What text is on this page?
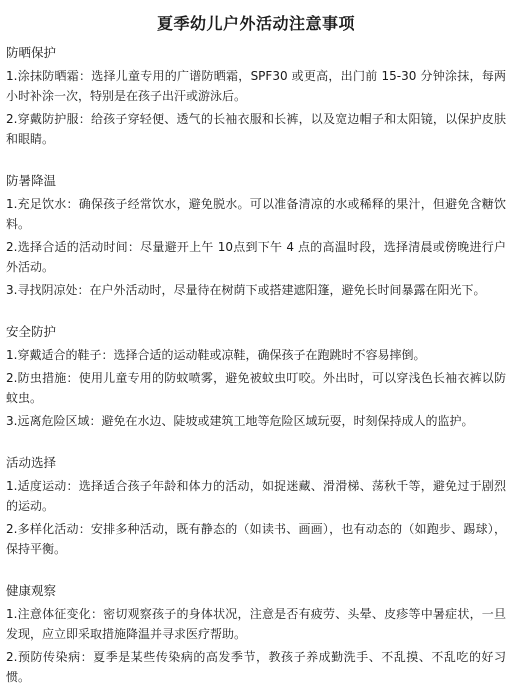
夏季幼儿户外活动注意事项
防晒保护
1.涂抹防晒霜：选择儿童专用的广谱防晒霜，SPF30 或更高，出门前 15-30 分钟涂抹，每两小时补涂一次，特别是在孩子出汗或游泳后。
2.穿戴防护服：给孩子穿轻便、透气的长袖衣服和长裤，以及宽边帽子和太阳镜，以保护皮肤和眼睛。
防暑降温
1.充足饮水：确保孩子经常饮水，避免脱水。可以准备清凉的水或稀释的果汁，但避免含糖饮料。
2.选择合适的活动时间：尽量避开上午 10点到下午 4 点的高温时段，选择清晨或傍晚进行户外活动。
3.寻找阴凉处：在户外活动时，尽量待在树荫下或搭建遮阳篷，避免长时间暴露在阳光下。
安全防护
1.穿戴适合的鞋子：选择合适的运动鞋或凉鞋，确保孩子在跑跳时不容易摔倒。
2.防虫措施：使用儿童专用的防蚊喷雾，避免被蚊虫叮咬。外出时，可以穿浅色长袖衣裤以防蚊虫。
3.远离危险区域：避免在水边、陡坡或建筑工地等危险区域玩耍，时刻保持成人的监护。
活动选择
1.适度运动：选择适合孩子年龄和体力的活动，如捉迷藏、滑滑梯、荡秋千等，避免过于剧烈的运动。
2.多样化活动：安排多种活动，既有静态的（如读书、画画），也有动态的（如跑步、踢球），保持平衡。
健康观察
1.注意体征变化：密切观察孩子的身体状况，注意是否有疲劳、头晕、皮疹等中暑症状，一旦发现，应立即采取措施降温并寻求医疗帮助。
2.预防传染病：夏季是某些传染病的高发季节，教孩子养成勤洗手、不乱摸、不乱吃的好习惯。
